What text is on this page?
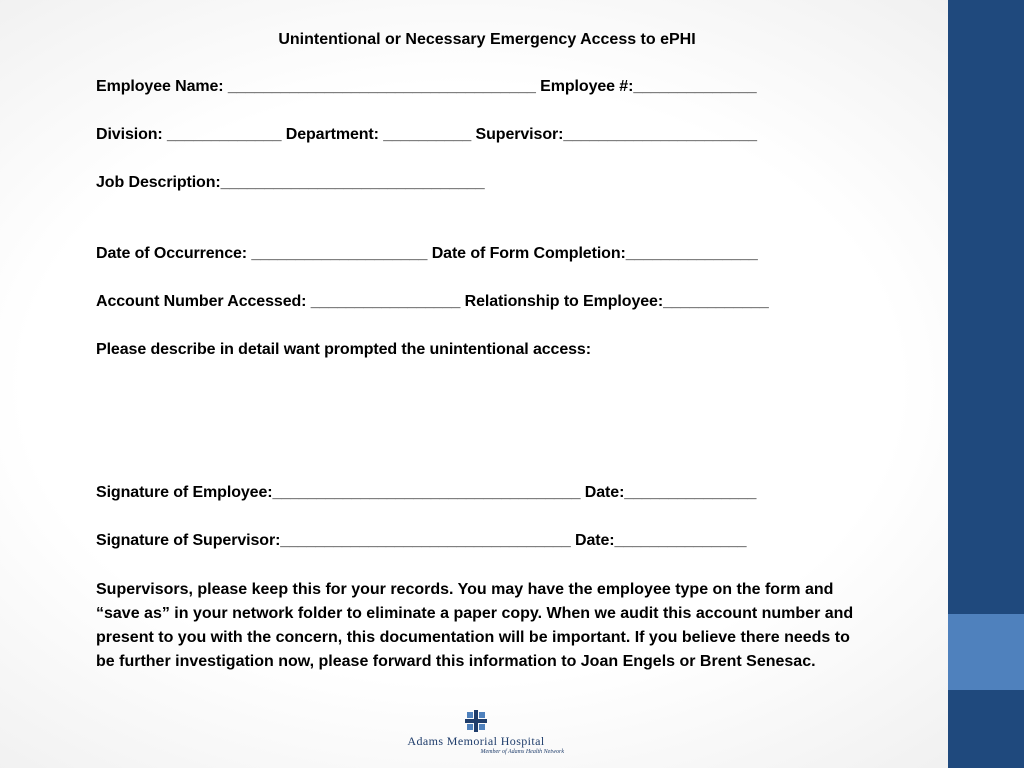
Unintentional or Necessary Emergency Access to ePHI
Employee Name: ___________________________________ Employee #:______________
Division: _____________ Department: __________ Supervisor:______________________
Job Description:______________________________
Date of Occurrence: ____________________ Date of Form Completion:_______________
Account Number Accessed: _________________ Relationship to Employee:____________
Please describe in detail want prompted the unintentional access:
Signature of Employee:___________________________________ Date:_______________
Signature of Supervisor:_________________________________ Date:_______________
Supervisors, please keep this for your records. You may have the employee type on the form and “save as” in your network folder to eliminate a paper copy. When we audit this account number and present to you with the concern, this documentation will be important. If you believe there needs to be further investigation now, please forward this information to Joan Engels or Brent Senesac.
Adams Memorial Hospital
Member of Adams Health Network
